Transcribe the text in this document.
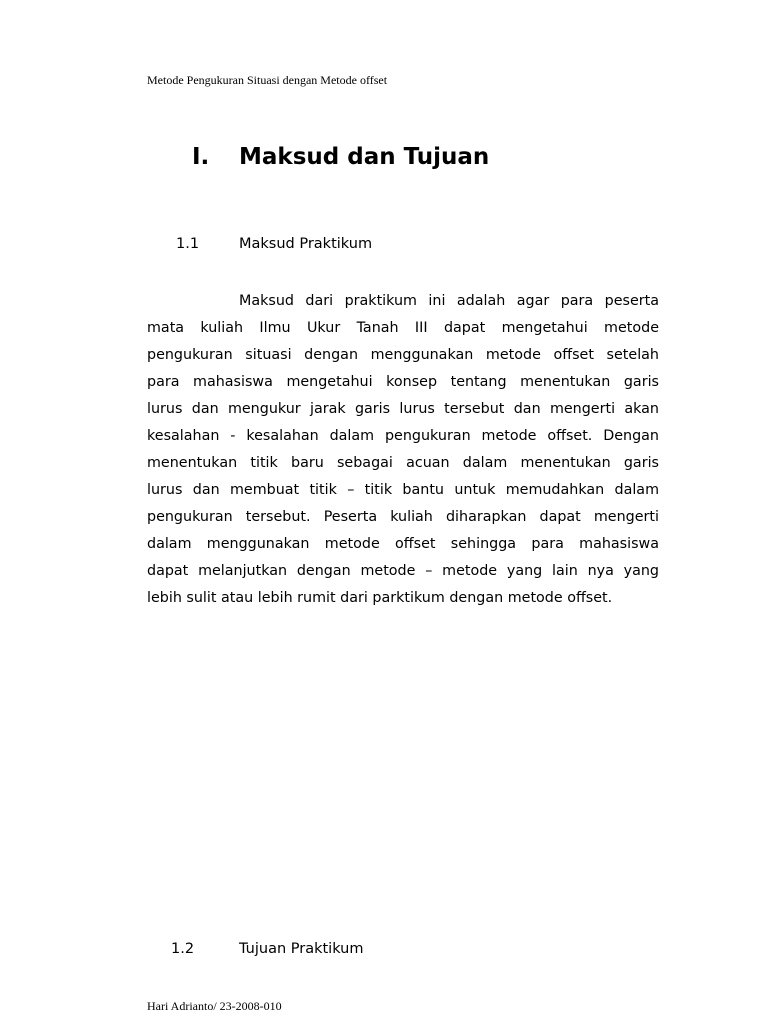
Metode Pengukuran Situasi dengan Metode offset
I. Maksud dan Tujuan
1.1	Maksud Praktikum
Maksud dari praktikum ini adalah agar para peserta
mata kuliah Ilmu Ukur Tanah III dapat mengetahui metode
pengukuran situasi dengan menggunakan metode offset setelah
para mahasiswa mengetahui konsep tentang menentukan garis
lurus dan mengukur jarak garis lurus tersebut dan mengerti akan
kesalahan - kesalahan dalam pengukuran metode offset. Dengan
menentukan titik baru sebagai acuan dalam menentukan garis
lurus dan membuat titik – titik bantu untuk memudahkan dalam
pengukuran tersebut. Peserta kuliah diharapkan dapat mengerti
dalam menggunakan metode offset sehingga para mahasiswa
dapat melanjutkan dengan metode – metode yang lain nya yang
lebih sulit atau lebih rumit dari parktikum dengan metode offset.
1.2	Tujuan Praktikum
Hari Adrianto/ 23-2008-010
